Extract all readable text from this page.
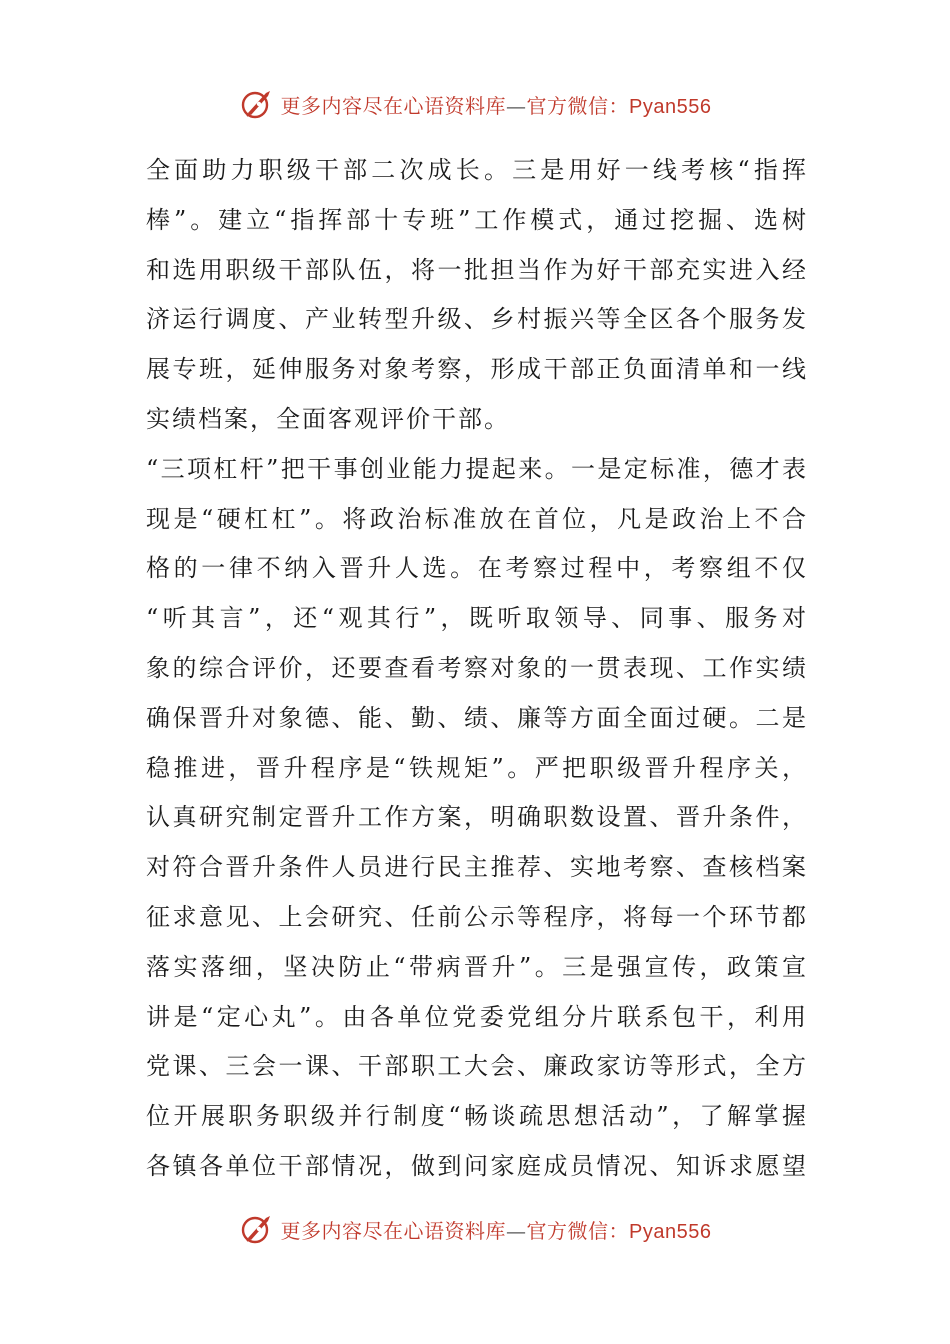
更多内容尽在心语资料库—官方微信：Pyan556
全面助力职级干部二次成长。三是用好一线考核“指挥
棒”。建立“指挥部十专班”工作模式，通过挖掘、选树
和选用职级干部队伍，将一批担当作为好干部充实进入经
济运行调度、产业转型升级、乡村振兴等全区各个服务发
展专班，延伸服务对象考察，形成干部正负面清单和一线
实绩档案，全面客观评价干部。
“三项杠杆”把干事创业能力提起来。一是定标准，德才表
现是“硬杠杠”。将政治标准放在首位，凡是政治上不合
格的一律不纳入晋升人选。在考察过程中，考察组不仅
“听其言”，还“观其行”，既听取领导、同事、服务对
象的综合评价，还要查看考察对象的一贯表现、工作实绩
确保晋升对象德、能、勤、绩、廉等方面全面过硬。二是
稳推进，晋升程序是“铁规矩”。严把职级晋升程序关，
认真研究制定晋升工作方案，明确职数设置、晋升条件，
对符合晋升条件人员进行民主推荐、实地考察、查核档案
征求意见、上会研究、任前公示等程序，将每一个环节都
落实落细，坚决防止“带病晋升”。三是强宣传，政策宣
讲是“定心丸”。由各单位党委党组分片联系包干，利用
党课、三会一课、干部职工大会、廉政家访等形式，全方
位开展职务职级并行制度“畅谈疏思想活动”，了解掌握
各镇各单位干部情况，做到问家庭成员情况、知诉求愿望
更多内容尽在心语资料库—官方微信：Pyan556
